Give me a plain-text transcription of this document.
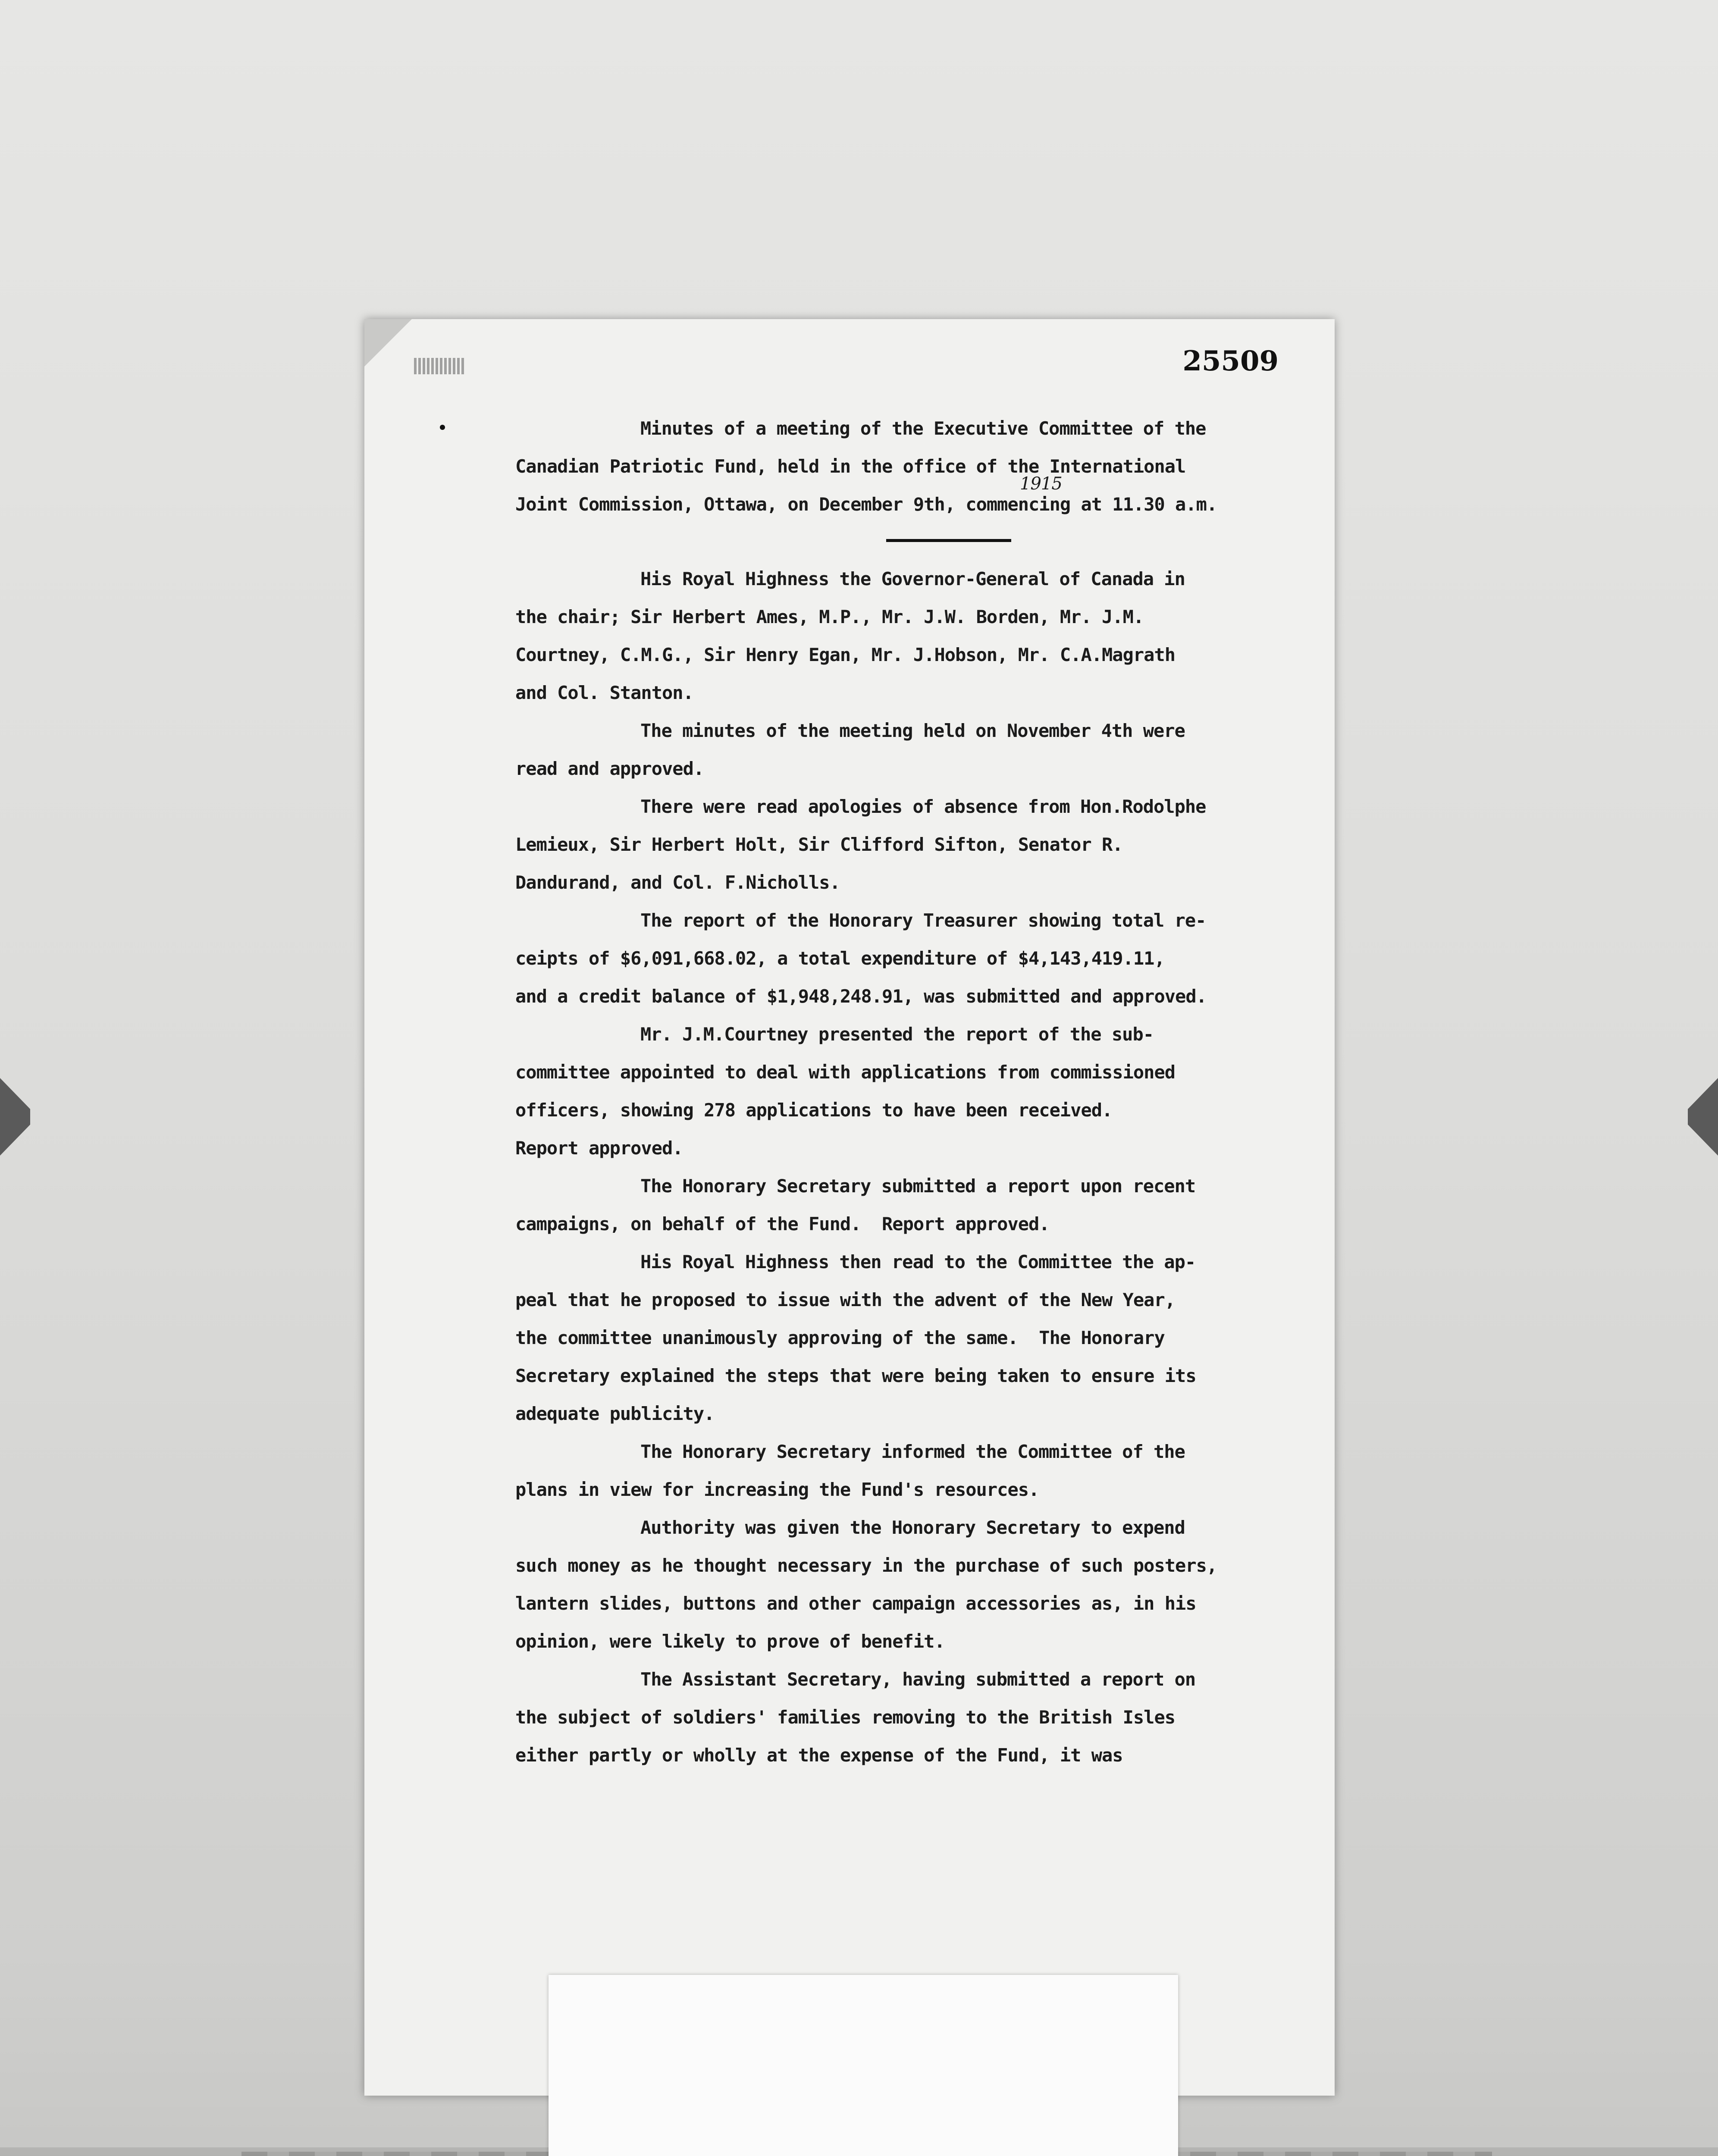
25509
Minutes of a meeting of the Executive Committee of the
Canadian Patriotic Fund, held in the office of the International
Joint Commission, Ottawa, on December 9th, commencing at 11.30 a.m.
1915
His Royal Highness the Governor-General of Canada in
the chair; Sir Herbert Ames, M.P., Mr. J.W. Borden, Mr. J.M.
Courtney, C.M.G., Sir Henry Egan, Mr. J.Hobson, Mr. C.A.Magrath
and Col. Stanton.
The minutes of the meeting held on November 4th were
read and approved.
There were read apologies of absence from Hon.Rodolphe
Lemieux, Sir Herbert Holt, Sir Clifford Sifton, Senator R.
Dandurand, and Col. F.Nicholls.
The report of the Honorary Treasurer showing total re-
ceipts of $6,091,668.02, a total expenditure of $4,143,419.11,
and a credit balance of $1,948,248.91, was submitted and approved.
Mr. J.M.Courtney presented the report of the sub-
committee appointed to deal with applications from commissioned
officers, showing 278 applications to have been received.
Report approved.
The Honorary Secretary submitted a report upon recent
campaigns, on behalf of the Fund.  Report approved.
His Royal Highness then read to the Committee the ap-
peal that he proposed to issue with the advent of the New Year,
the committee unanimously approving of the same.  The Honorary
Secretary explained the steps that were being taken to ensure its
adequate publicity.
The Honorary Secretary informed the Committee of the
plans in view for increasing the Fund's resources.
Authority was given the Honorary Secretary to expend
such money as he thought necessary in the purchase of such posters,
lantern slides, buttons and other campaign accessories as, in his
opinion, were likely to prove of benefit.
The Assistant Secretary, having submitted a report on
the subject of soldiers' families removing to the British Isles
either partly or wholly at the expense of the Fund, it was
